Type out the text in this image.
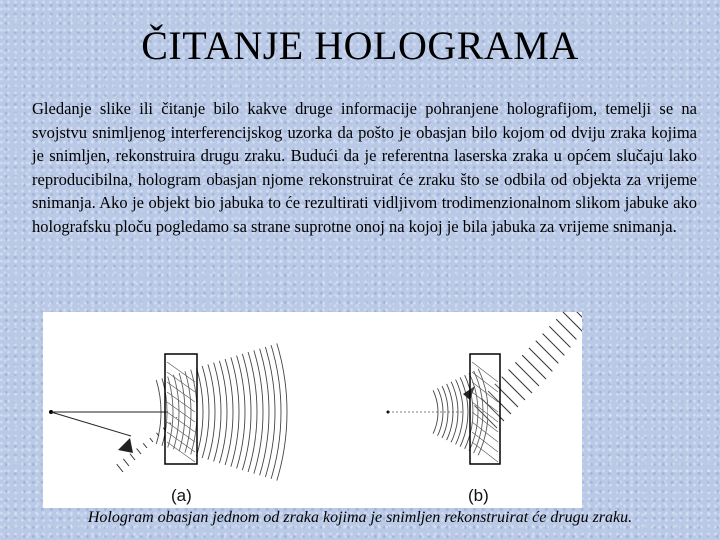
ČITANJE HOLOGRAMA
Gledanje slike ili čitanje bilo kakve druge informacije pohranjene holografijom, temelji se na svojstvu snimljenog interferencijskog uzorka da pošto je obasjan bilo kojom od dviju zraka kojima je snimljen, rekonstruira drugu zraku. Budući da je referentna laserska zraka u općem slučaju lako reproducibilna, hologram obasjan njome rekonstruirat će zraku što se odbila od objekta za vrijeme snimanja. Ako je objekt bio jabuka to će rezultirati vidljivom trodimenzionalnom slikom jabuke ako holografsku ploču pogledamo sa strane suprotne onoj na kojoj je bila jabuka za vrijeme snimanja.
(a)	(b)
Hologram obasjan jednom od zraka kojima je snimljen rekonstruirat će drugu zraku.
